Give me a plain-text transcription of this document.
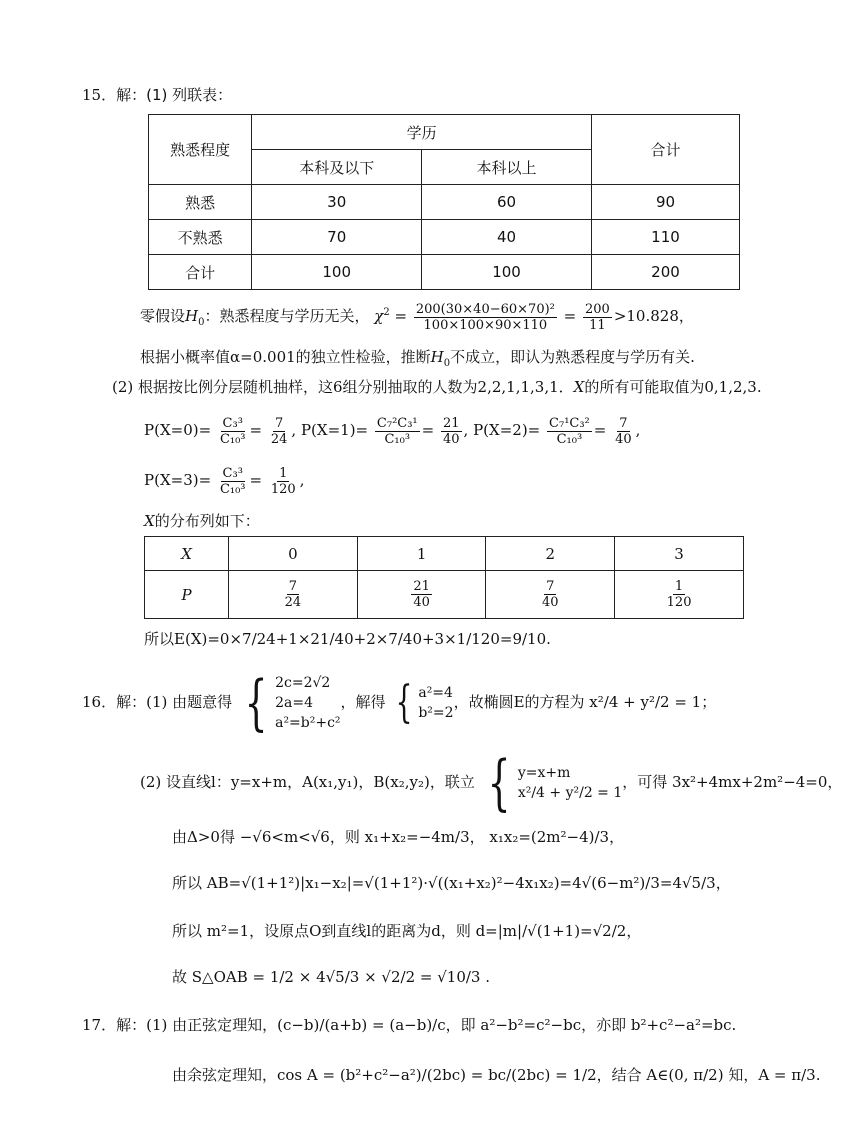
15．解：(1) 列联表：
熟悉程度	学历		合计
	本科及以下	本科以上	
熟悉	30	60	90
不熟悉	70	40	110
合计	100	100	200
零假设$H_0$：熟悉程度与学历无关， $\chi^2 = \frac{\text{200(30×40−60×70)²}}{100\times 100\times 90\times 110} = \frac{200}{11} >10.828$，
根据小概率值α=0.001的独立性检验，推断$H_0$不成立，即认为熟悉程度与学历有关.
(2) 根据按比例分层随机抽样，这6组分别抽取的人数为2,2,1,1,3,1．X的所有可能取值为0,1,2,3.
$P(X=0)= \frac{\text{C₃³}}{\text{C₁₀³}} = \frac{7}{24}$ , $P(X=1)= \frac{\text{C₇²C₃¹}}{\text{C₁₀³}} = \frac{21}{40}$ , $P(X=2)= \frac{\text{C₇¹C₃²}}{\text{C₁₀³}} = \frac{7}{40}$ ,
$P(X=3)= \frac{\text{C₃³}}{\text{C₁₀³}} = \frac{1}{120}$ ,
X的分布列如下：
X	0	1	2	3
P	$\frac{7}{24}$	$\frac{21}{40}$	$\frac{7}{40}$	$\frac{1}{120}$
所以E(X)=0×7/24+1×21/40+2×7/40+3×1/120=9/10.
16．解：(1) 由题意得 { 2c=2√2
2a=4
a²=b²+c²
，解得 { a²=4
b²=2
，故椭圆E的方程为 x²/4 + y²/2 = 1；
(2) 设直线l：y=x+m，A(x₁,y₁)，B(x₂,y₂)，联立 { y=x+m
x²/4 + y²/2 = 1
，可得 3x²+4mx+2m²−4=0，
由Δ>0得 −√6<m<√6，则 x₁+x₂=−4m/3， x₁x₂=(2m²−4)/3，
所以 AB=√(1+1²)|x₁−x₂|=√(1+1²)·√((x₁+x₂)²−4x₁x₂)=4√(6−m²)/3=4√5/3，
所以 m²=1，设原点O到直线l的距离为d，则 d=|m|/√(1+1)=√2/2，
故 S△OAB = 1/2 × 4√5/3 × √2/2 = √10/3 .
17．解：(1) 由正弦定理知，(c−b)/(a+b) = (a−b)/c，即 a²−b²=c²−bc，亦即 b²+c²−a²=bc.
由余弦定理知，cos A = (b²+c²−a²)/(2bc) = bc/(2bc) = 1/2，结合 A∈(0, π/2) 知，A = π/3.
